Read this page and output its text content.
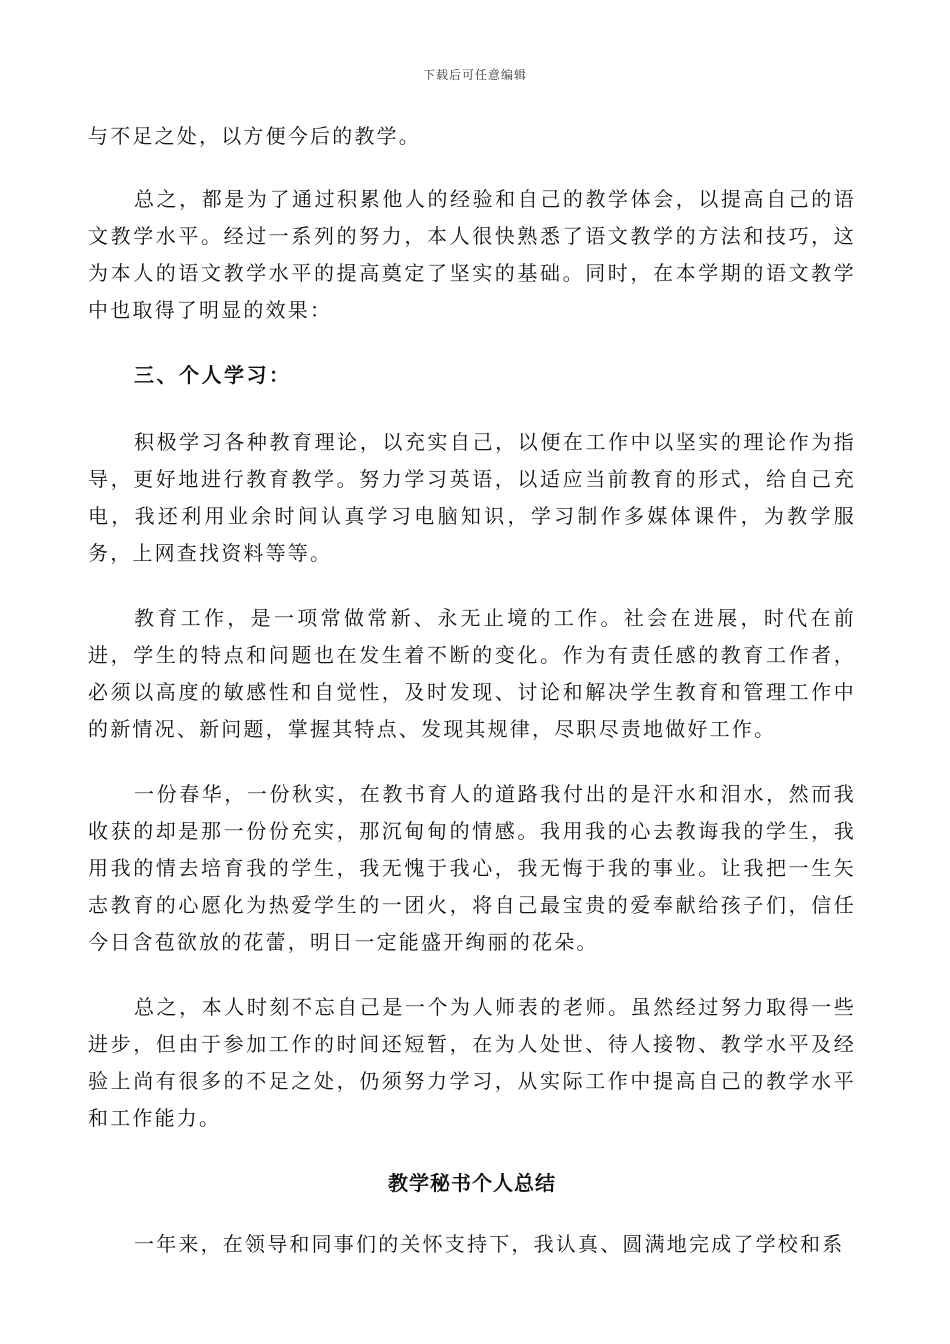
下载后可任意编辑

与不足之处，以方便今后的教学。

总之，都是为了通过积累他人的经验和自己的教学体会，以提高自己的语文教学水平。经过一系列的努力，本人很快熟悉了语文教学的方法和技巧，这为本人的语文教学水平的提高奠定了坚实的基础。同时，在本学期的语文教学中也取得了明显的效果：

三、个人学习：

积极学习各种教育理论，以充实自己，以便在工作中以坚实的理论作为指导，更好地进行教育教学。努力学习英语，以适应当前教育的形式，给自己充电，我还利用业余时间认真学习电脑知识，学习制作多媒体课件，为教学服务，上网查找资料等等。

教育工作，是一项常做常新、永无止境的工作。社会在进展，时代在前进，学生的特点和问题也在发生着不断的变化。作为有责任感的教育工作者，必须以高度的敏感性和自觉性，及时发现、讨论和解决学生教育和管理工作中的新情况、新问题，掌握其特点、发现其规律，尽职尽责地做好工作。

一份春华，一份秋实，在教书育人的道路我付出的是汗水和泪水，然而我收获的却是那一份份充实，那沉甸甸的情感。我用我的心去教诲我的学生，我用我的情去培育我的学生，我无愧于我心，我无悔于我的事业。让我把一生矢志教育的心愿化为热爱学生的一团火，将自己最宝贵的爱奉献给孩子们，信任今日含苞欲放的花蕾，明日一定能盛开绚丽的花朵。

总之，本人时刻不忘自己是一个为人师表的老师。虽然经过努力取得一些进步，但由于参加工作的时间还短暂，在为人处世、待人接物、教学水平及经验上尚有很多的不足之处，仍须努力学习，从实际工作中提高自己的教学水平和工作能力。

教学秘书个人总结

一年来，在领导和同事们的关怀支持下，我认真、圆满地完成了学校和系
